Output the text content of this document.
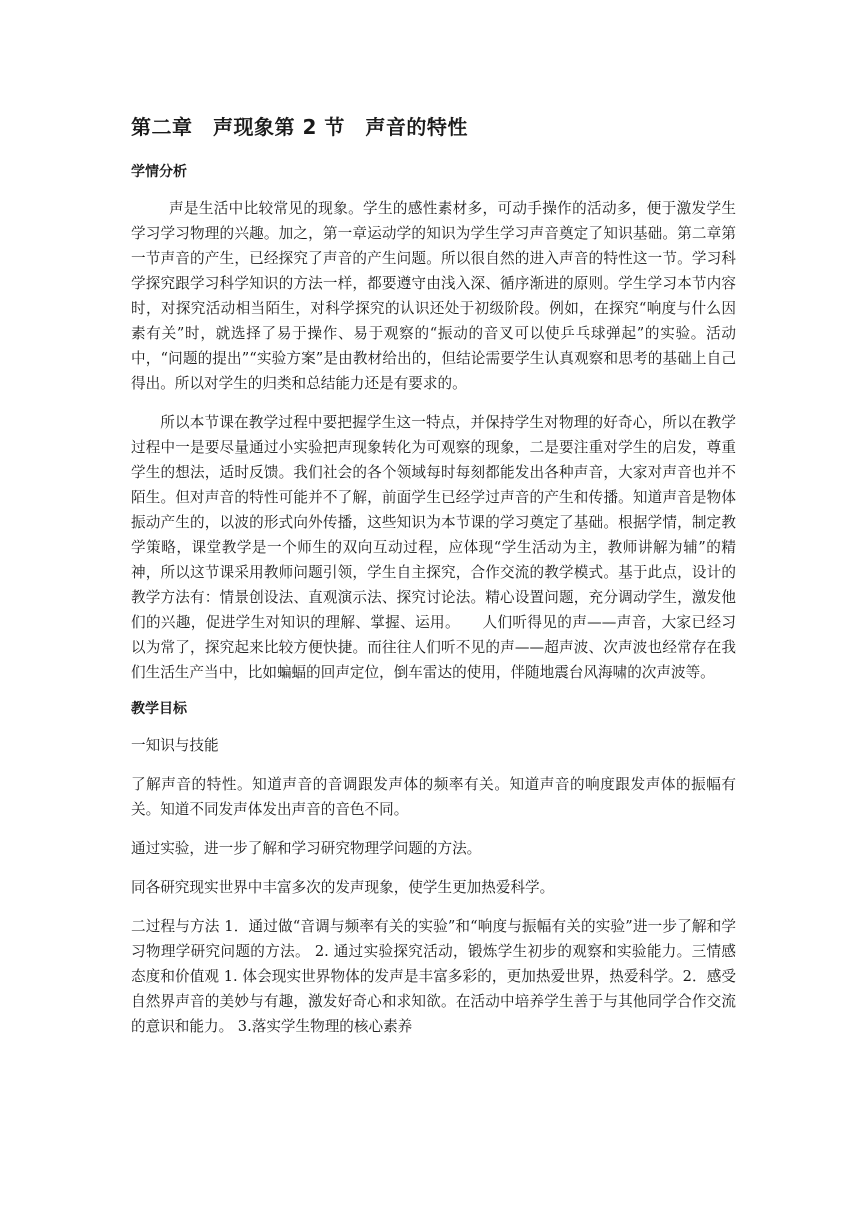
第二章　声现象第 2 节　声音的特性
学情分析

声是生活中比较常见的现象。学生的感性素材多，可动手操作的活动多，便于激发学生学习学习物理的兴趣。加之，第一章运动学的知识为学生学习声音奠定了知识基础。第二章第一节声音的产生，已经探究了声音的产生问题。所以很自然的进入声音的特性这一节。学习科学探究跟学习科学知识的方法一样，都要遵守由浅入深、循序渐进的原则。学生学习本节内容时，对探究活动相当陌生，对科学探究的认识还处于初级阶段。例如，在探究“响度与什么因素有关”时，就选择了易于操作、易于观察的“振动的音叉可以使乒乓球弹起”的实验。活动中，“问题的提出”“实验方案”是由教材给出的，但结论需要学生认真观察和思考的基础上自己得出。所以对学生的归类和总结能力还是有要求的。

所以本节课在教学过程中要把握学生这一特点，并保持学生对物理的好奇心，所以在教学过程中一是要尽量通过小实验把声现象转化为可观察的现象，二是要注重对学生的启发，尊重学生的想法，适时反馈。我们社会的各个领域每时每刻都能发出各种声音，大家对声音也并不陌生。但对声音的特性可能并不了解，前面学生已经学过声音的产生和传播。知道声音是物体振动产生的，以波的形式向外传播，这些知识为本节课的学习奠定了基础。根据学情，制定教学策略，课堂教学是一个师生的双向互动过程，应体现“学生活动为主，教师讲解为辅”的精神，所以这节课采用教师问题引领，学生自主探究，合作交流的教学模式。基于此点，设计的教学方法有：情景创设法、直观演示法、探究讨论法。精心设置问题，充分调动学生，激发他们的兴趣，促进学生对知识的理解、掌握、运用。　　人们听得见的声——声音，大家已经习以为常了，探究起来比较方便快捷。而往往人们听不见的声——超声波、次声波也经常存在我们生活生产当中，比如蝙蝠的回声定位，倒车雷达的使用，伴随地震台风海啸的次声波等。

教学目标

一知识与技能

了解声音的特性。知道声音的音调跟发声体的频率有关。知道声音的响度跟发声体的振幅有关。知道不同发声体发出声音的音色不同。

通过实验，进一步了解和学习研究物理学问题的方法。

同各研究现实世界中丰富多次的发声现象，使学生更加热爱科学。

二过程与方法 1．通过做“音调与频率有关的实验”和“响度与振幅有关的实验”进一步了解和学习物理学研究问题的方法。 2. 通过实验探究活动，锻炼学生初步的观察和实验能力。三情感态度和价值观 1. 体会现实世界物体的发声是丰富多彩的，更加热爱世界，热爱科学。2．感受自然界声音的美妙与有趣，激发好奇心和求知欲。在活动中培养学生善于与其他同学合作交流的意识和能力。 3.落实学生物理的核心素养
